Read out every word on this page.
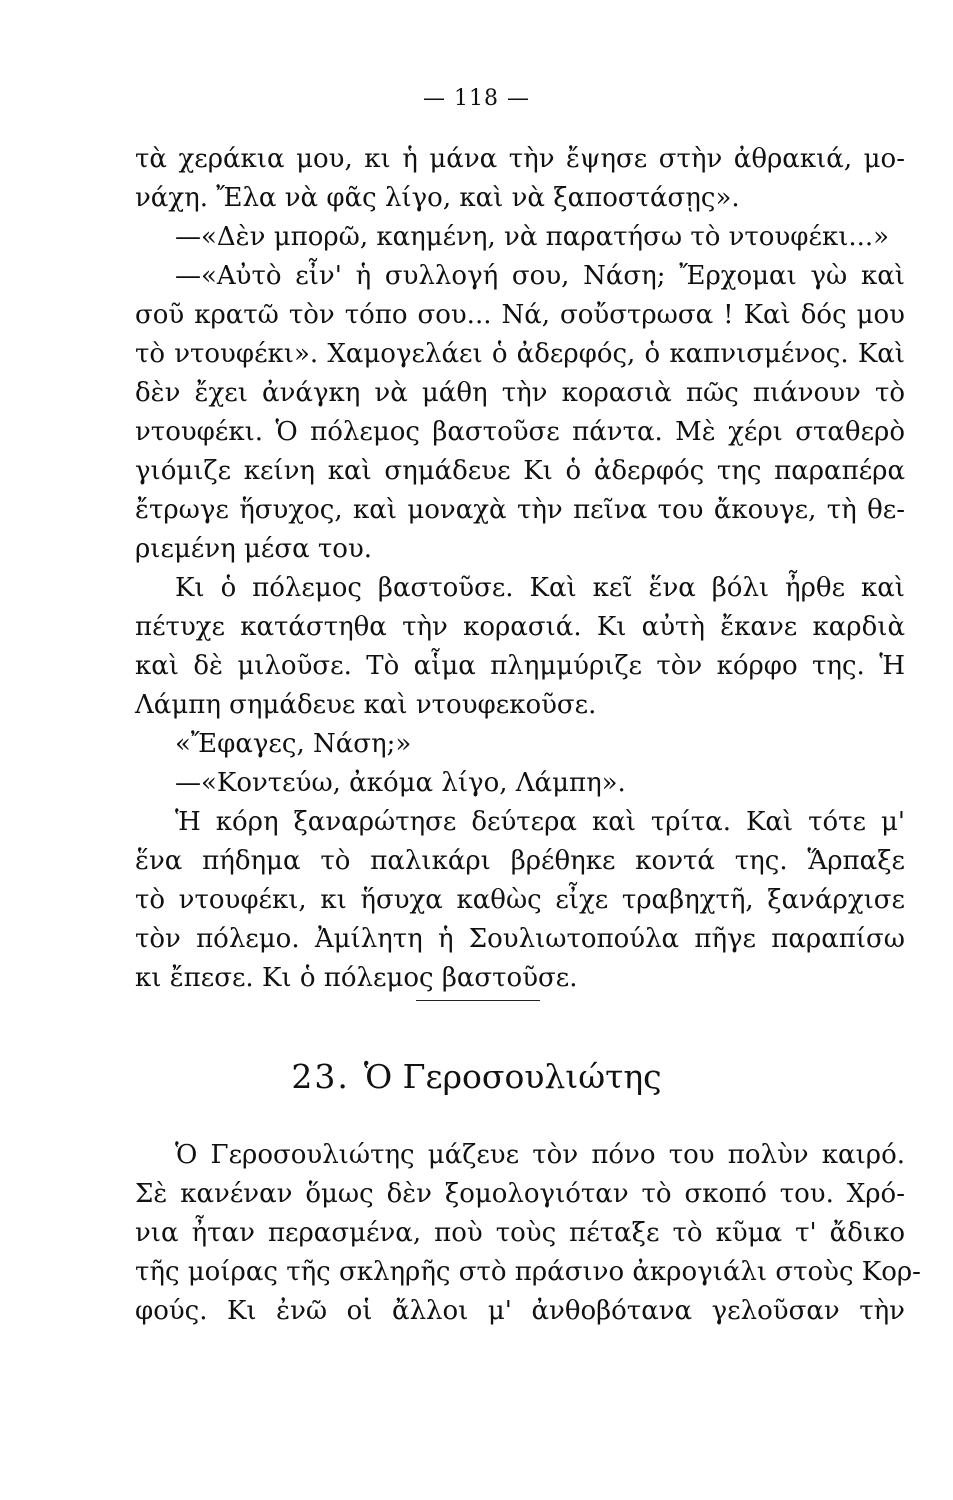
— 118 —
τὰ χεράκια μου, κι ἡ μάνα τὴν ἔψησε στὴν ἀθρακιά, μο-
νάχη. Ἔλα νὰ φᾶς λίγο, καὶ νὰ ξαποστάσῃς».
—«Δὲν μπορῶ, καημένη, νὰ παρατήσω τὸ ντουφέκι...»
—«Αὐτὸ εἶν' ἡ συλλογή σου, Νάση; Ἔρχομαι γὼ καὶ
σοῦ κρατῶ τὸν τόπο σου... Νά, σοὔστρωσα ! Καὶ δός μου
τὸ ντουφέκι». Χαμογελάει ὁ ἀδερφός, ὁ καπνισμένος. Καὶ
δὲν ἔχει ἀνάγκη νὰ μάθη τὴν κορασιὰ πῶς πιάνουν τὸ
ντουφέκι. Ὁ πόλεμος βαστοῦσε πάντα. Μὲ χέρι σταθερὸ
γιόμιζε κείνη καὶ σημάδευε Κι ὁ ἀδερφός της παραπέρα
ἔτρωγε ἥσυχος, καὶ μοναχὰ τὴν πεῖνα του ἄκουγε, τὴ θε-
ριεμένη μέσα του.
Κι ὁ πόλεμος βαστοῦσε. Καὶ κεῖ ἕνα βόλι ἦρθε καὶ
πέτυχε κατάστηθα τὴν κορασιά. Κι αὐτὴ ἔκανε καρδιὰ
καὶ δὲ μιλοῦσε. Τὸ αἷμα πλημμύριζε τὸν κόρφο της. Ἡ
Λάμπη σημάδευε καὶ ντουφεκοῦσε.
«Ἔφαγες, Νάση;»
—«Κοντεύω, ἀκόμα λίγο, Λάμπη».
Ἡ κόρη ξαναρώτησε δεύτερα καὶ τρίτα. Καὶ τότε μ'
ἕνα πήδημα τὸ παλικάρι βρέθηκε κοντά της. Ἅρπαξε
τὸ ντουφέκι, κι ἥσυχα καθὼς εἶχε τραβηχτῆ, ξανάρχισε
τὸν πόλεμο. Ἀμίλητη ἡ Σουλιωτοπούλα πῆγε παραπίσω
κι ἔπεσε. Κι ὁ πόλεμος βαστοῦσε.
23. Ὁ Γεροσουλιώτης
Ὁ Γεροσουλιώτης μάζευε τὸν πόνο του πολὺν καιρό.
Σὲ κανέναν ὅμως δὲν ξομολογιόταν τὸ σκοπό του. Χρό-
νια ἦταν περασμένα, ποὺ τοὺς πέταξε τὸ κῦμα τ' ἄδικο
τῆς μοίρας τῆς σκληρῆς στὸ πράσινο ἀκρογιάλι στοὺς Κορ-
φούς. Κι ἐνῶ οἱ ἄλλοι μ' ἀνθοβότανα γελοῦσαν τὴν
